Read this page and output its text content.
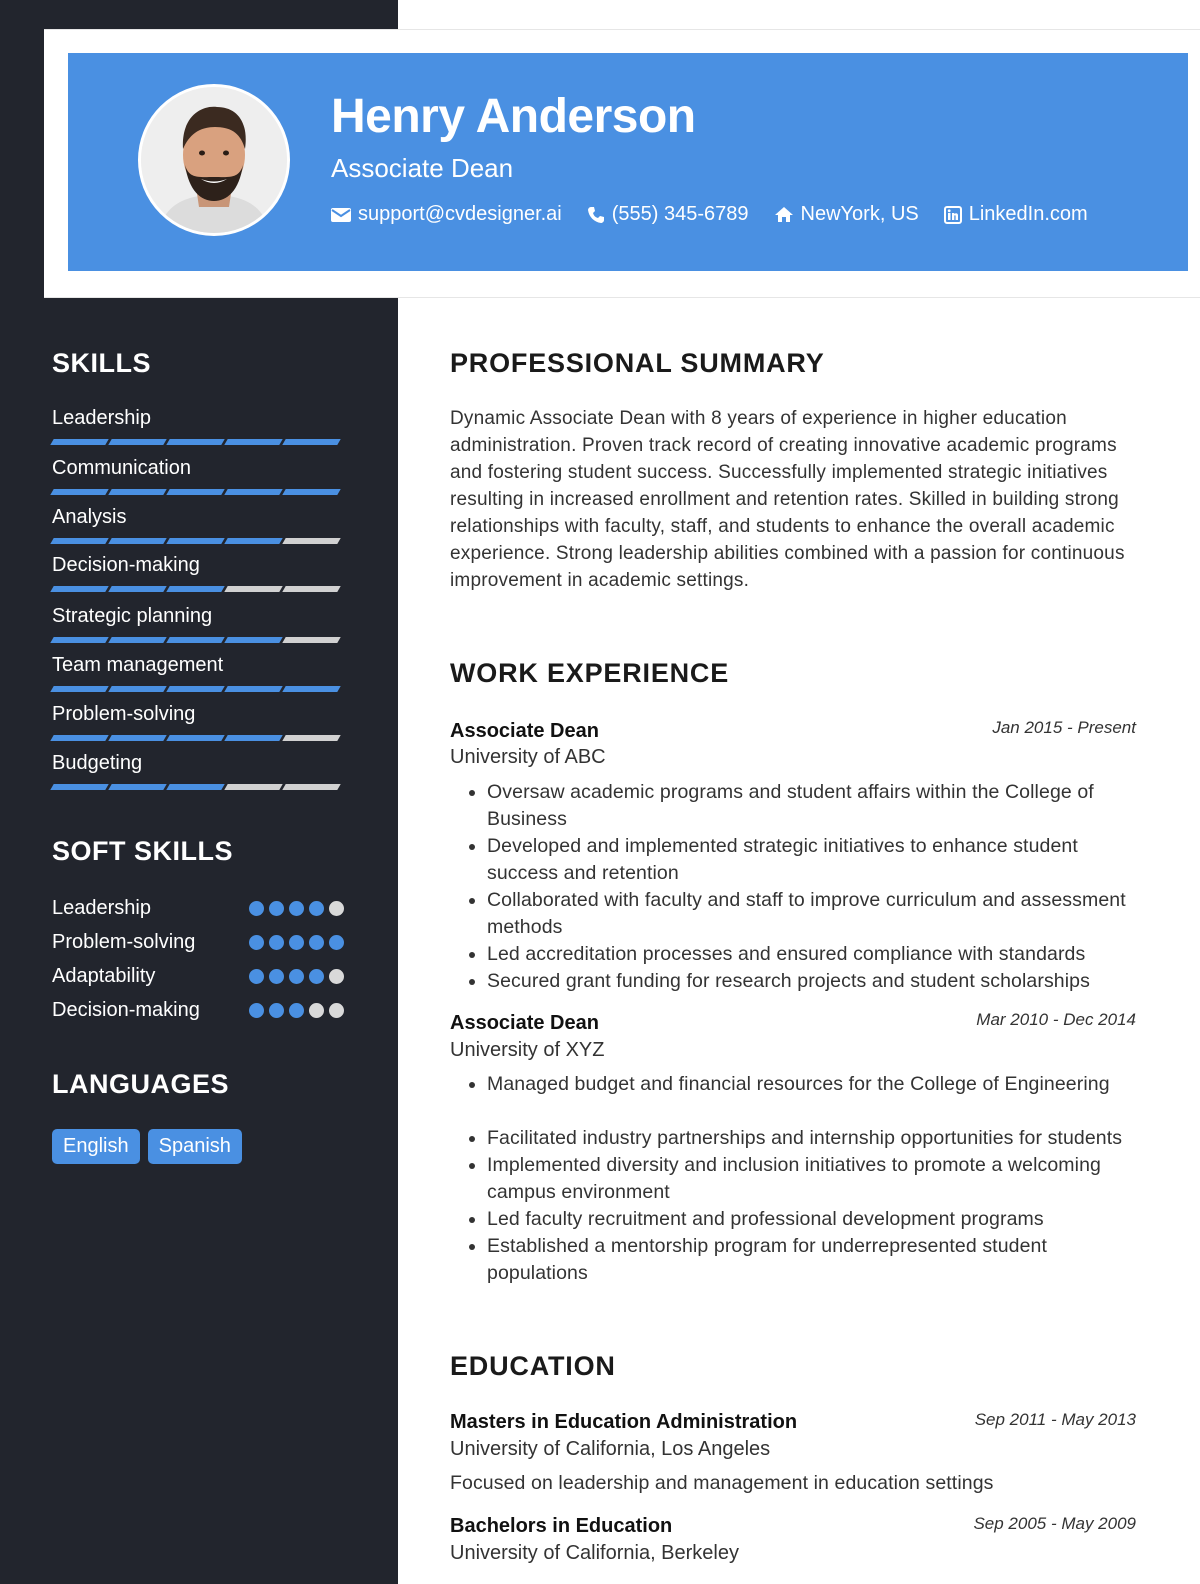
Henry Anderson
Associate Dean
support@cvdesigner.ai	(555) 345-6789	NewYork, US	LinkedIn.com
SKILLS
Leadership
Communication
Analysis
Decision-making
Strategic planning
Team management
Problem-solving
Budgeting
SOFT SKILLS
Leadership
Problem-solving
Adaptability
Decision-making
LANGUAGES
English	Spanish
PROFESSIONAL SUMMARY

Dynamic Associate Dean with 8 years of experience in higher education administration. Proven track record of creating innovative academic programs and fostering student success. Successfully implemented strategic initiatives resulting in increased enrollment and retention rates. Skilled in building strong relationships with faculty, staff, and students to enhance the overall academic experience. Strong leadership abilities combined with a passion for continuous improvement in academic settings.

WORK EXPERIENCE
Associate Dean	Jan 2015 - Present
University of ABC
• Oversaw academic programs and student affairs within the College of Business
• Developed and implemented strategic initiatives to enhance student success and retention
• Collaborated with faculty and staff to improve curriculum and assessment methods
• Led accreditation processes and ensured compliance with standards
• Secured grant funding for research projects and student scholarships
Associate Dean	Mar 2010 - Dec 2014
University of XYZ
• Managed budget and financial resources for the College of Engineering
• Facilitated industry partnerships and internship opportunities for students
• Implemented diversity and inclusion initiatives to promote a welcoming campus environment
• Led faculty recruitment and professional development programs
• Established a mentorship program for underrepresented student populations
EDUCATION
Masters in Education Administration	Sep 2011 - May 2013
University of California, Los Angeles
Focused on leadership and management in education settings
Bachelors in Education	Sep 2005 - May 2009
University of California, Berkeley
